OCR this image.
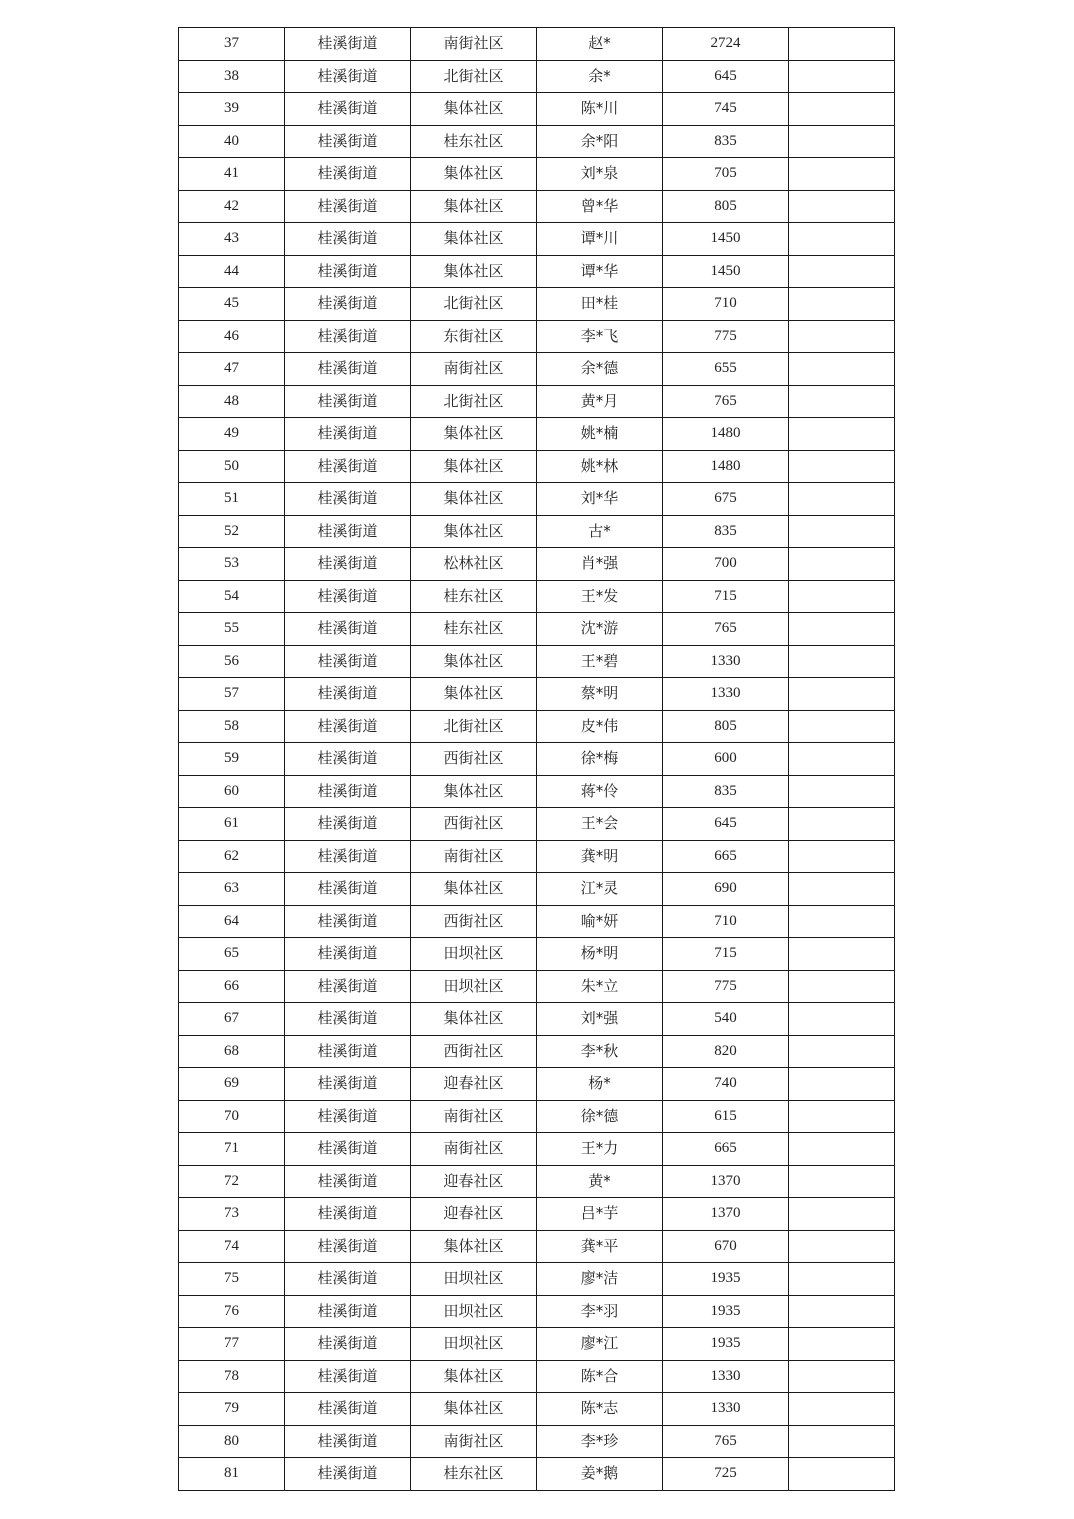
37	桂溪街道	南街社区	赵*	2724	
38	桂溪街道	北街社区	余*	645	
39	桂溪街道	集体社区	陈*川	745	
40	桂溪街道	桂东社区	余*阳	835	
41	桂溪街道	集体社区	刘*泉	705	
42	桂溪街道	集体社区	曾*华	805	
43	桂溪街道	集体社区	谭*川	1450	
44	桂溪街道	集体社区	谭*华	1450	
45	桂溪街道	北街社区	田*桂	710	
46	桂溪街道	东街社区	李*飞	775	
47	桂溪街道	南街社区	余*德	655	
48	桂溪街道	北街社区	黄*月	765	
49	桂溪街道	集体社区	姚*楠	1480	
50	桂溪街道	集体社区	姚*林	1480	
51	桂溪街道	集体社区	刘*华	675	
52	桂溪街道	集体社区	古*	835	
53	桂溪街道	松林社区	肖*强	700	
54	桂溪街道	桂东社区	王*发	715	
55	桂溪街道	桂东社区	沈*游	765	
56	桂溪街道	集体社区	王*碧	1330	
57	桂溪街道	集体社区	蔡*明	1330	
58	桂溪街道	北街社区	皮*伟	805	
59	桂溪街道	西街社区	徐*梅	600	
60	桂溪街道	集体社区	蒋*伶	835	
61	桂溪街道	西街社区	王*会	645	
62	桂溪街道	南街社区	龚*明	665	
63	桂溪街道	集体社区	江*灵	690	
64	桂溪街道	西街社区	喻*妍	710	
65	桂溪街道	田坝社区	杨*明	715	
66	桂溪街道	田坝社区	朱*立	775	
67	桂溪街道	集体社区	刘*强	540	
68	桂溪街道	西街社区	李*秋	820	
69	桂溪街道	迎春社区	杨*	740	
70	桂溪街道	南街社区	徐*德	615	
71	桂溪街道	南街社区	王*力	665	
72	桂溪街道	迎春社区	黄*	1370	
73	桂溪街道	迎春社区	吕*芋	1370	
74	桂溪街道	集体社区	龚*平	670	
75	桂溪街道	田坝社区	廖*洁	1935	
76	桂溪街道	田坝社区	李*羽	1935	
77	桂溪街道	田坝社区	廖*江	1935	
78	桂溪街道	集体社区	陈*合	1330	
79	桂溪街道	集体社区	陈*志	1330	
80	桂溪街道	南街社区	李*珍	765	
81	桂溪街道	桂东社区	姜*鹅	725	
